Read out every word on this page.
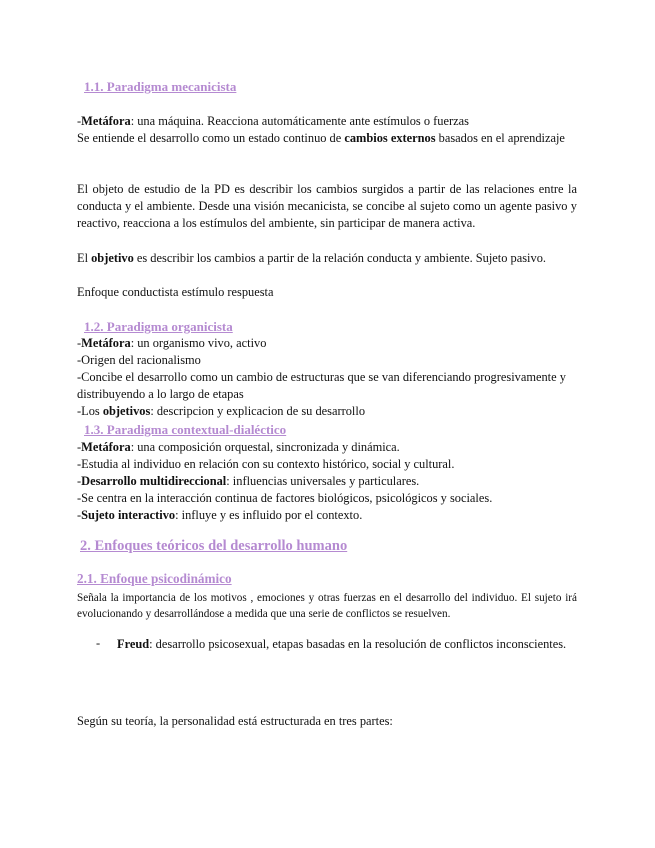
1.1. Paradigma mecanicista
-Metáfora: una máquina. Reacciona automáticamente ante estímulos o fuerzas
Se entiende el desarrollo como un estado continuo de cambios externos basados en el aprendizaje
El objeto de estudio de la PD es describir los cambios surgidos a partir de las relaciones entre la conducta y el ambiente. Desde una visión mecanicista, se concibe al sujeto como un agente pasivo y reactivo, reacciona a los estímulos del ambiente, sin participar de manera activa.
El objetivo es describir los cambios a partir de la relación conducta y ambiente. Sujeto pasivo.
Enfoque conductista estímulo respuesta
1.2. Paradigma organicista
-Metáfora: un organismo vivo, activo
-Origen del racionalismo
-Concibe el desarrollo como un cambio de estructuras que se van diferenciando progresivamente y distribuyendo a lo largo de etapas
-Los objetivos: descripcion y explicacion de su desarrollo
1.3. Paradigma contextual-dialéctico
-Metáfora: una composición orquestal, sincronizada y dinámica.
-Estudia al individuo en relación con su contexto histórico, social y cultural.
-Desarrollo multidireccional: influencias universales y particulares.
-Se centra en la interacción continua de factores biológicos, psicológicos y sociales.
-Sujeto interactivo: influye y es influido por el contexto.
2. Enfoques teóricos del desarrollo humano
2.1. Enfoque psicodinámico
Señala la importancia de los motivos , emociones y otras fuerzas en el desarrollo del individuo. El sujeto irá evolucionando y desarrollándose a medida que una serie de conflictos se resuelven.
-	Freud: desarrollo psicosexual, etapas basadas en la resolución de conflictos inconscientes.
Según su teoría, la personalidad está estructurada en tres partes:
